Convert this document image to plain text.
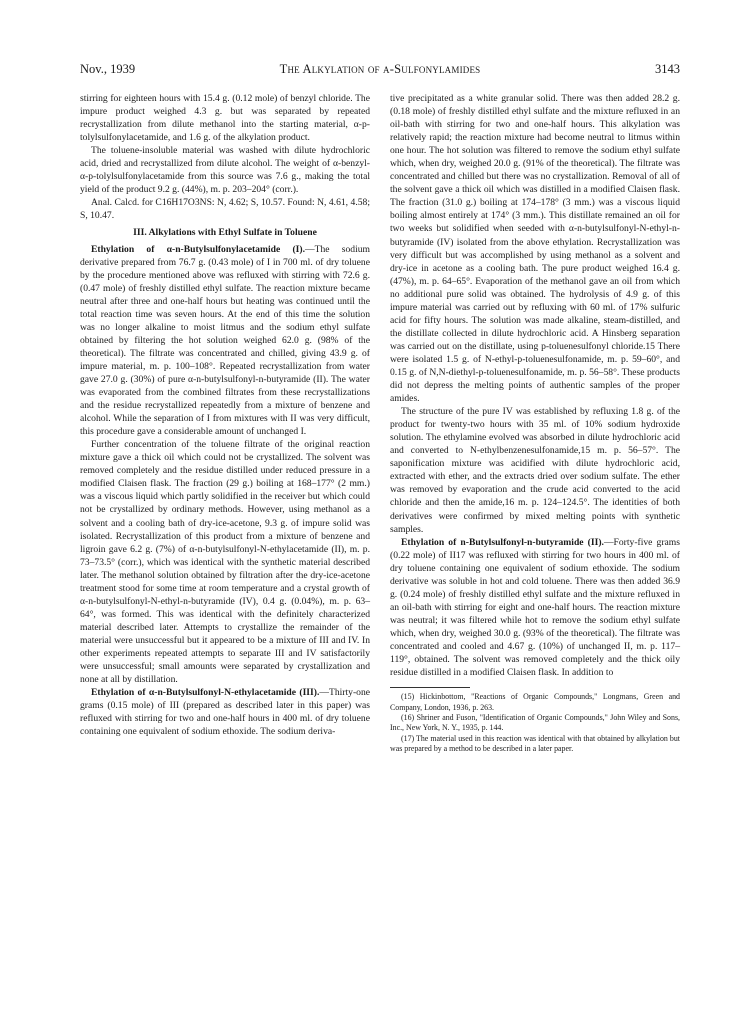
Nov., 1939	The Alkylation of α-Sulfonylamides	3143

stirring for eighteen hours with 15.4 g. (0.12 mole) of benzyl chloride. The impure product weighed 4.3 g. but was separated by repeated recrystallization from dilute methanol into the starting material, α-p-tolylsulfonylacetamide, and 1.6 g. of the alkylation product.

The toluene-insoluble material was washed with dilute hydrochloric acid, dried and recrystallized from dilute alcohol. The weight of α-benzyl-α-p-tolylsulfonylacetamide from this source was 7.6 g., making the total yield of the product 9.2 g. (44%), m. p. 203–204° (corr.).

Anal. Calcd. for C16H17O3NS: N, 4.62; S, 10.57. Found: N, 4.61, 4.58; S, 10.47.

III. Alkylations with Ethyl Sulfate in Toluene

Ethylation of α-n-Butylsulfonylacetamide (I).—The sodium derivative prepared from 76.7 g. (0.43 mole) of I in 700 ml. of dry toluene by the procedure mentioned above was refluxed with stirring with 72.6 g. (0.47 mole) of freshly distilled ethyl sulfate. The reaction mixture became neutral after three and one-half hours but heating was continued until the total reaction time was seven hours. At the end of this time the solution was no longer alkaline to moist litmus and the sodium ethyl sulfate obtained by filtering the hot solution weighed 62.0 g. (98% of the theoretical). The filtrate was concentrated and chilled, giving 43.9 g. of impure material, m. p. 100–108°. Repeated recrystallization from water gave 27.0 g. (30%) of pure α-n-butylsulfonyl-n-butyramide (II). The water was evaporated from the combined filtrates from these recrystallizations and the residue recrystallized repeatedly from a mixture of benzene and alcohol. While the separation of I from mixtures with II was very difficult, this procedure gave a considerable amount of unchanged I.

Further concentration of the toluene filtrate of the original reaction mixture gave a thick oil which could not be crystallized. The solvent was removed completely and the residue distilled under reduced pressure in a modified Claisen flask. The fraction (29 g.) boiling at 168–177° (2 mm.) was a viscous liquid which partly solidified in the receiver but which could not be crystallized by ordinary methods. However, using methanol as a solvent and a cooling bath of dry-ice-acetone, 9.3 g. of impure solid was isolated. Recrystallization of this product from a mixture of benzene and ligroin gave 6.2 g. (7%) of α-n-butylsulfonyl-N-ethylacetamide (II), m. p. 73–73.5° (corr.), which was identical with the synthetic material described later. The methanol solution obtained by filtration after the dry-ice-acetone treatment stood for some time at room temperature and a crystal growth of α-n-butylsulfonyl-N-ethyl-n-butyramide (IV), 0.4 g. (0.04%), m. p. 63–64°, was formed. This was identical with the definitely characterized material described later. Attempts to crystallize the remainder of the material were unsuccessful but it appeared to be a mixture of III and IV. In other experiments repeated attempts to separate III and IV satisfactorily were unsuccessful; small amounts were separated by crystallization and none at all by distillation.

Ethylation of α-n-Butylsulfonyl-N-ethylacetamide (III).—Thirty-one grams (0.15 mole) of III (prepared as described later in this paper) was refluxed with stirring for two and one-half hours in 400 ml. of dry toluene containing one equivalent of sodium ethoxide. The sodium deriva-

tive precipitated as a white granular solid. There was then added 28.2 g. (0.18 mole) of freshly distilled ethyl sulfate and the mixture refluxed in an oil-bath with stirring for two and one-half hours. This alkylation was relatively rapid; the reaction mixture had become neutral to litmus within one hour. The hot solution was filtered to remove the sodium ethyl sulfate which, when dry, weighed 20.0 g. (91% of the theoretical). The filtrate was concentrated and chilled but there was no crystallization. Removal of all of the solvent gave a thick oil which was distilled in a modified Claisen flask. The fraction (31.0 g.) boiling at 174–178° (3 mm.) was a viscous liquid boiling almost entirely at 174° (3 mm.). This distillate remained an oil for two weeks but solidified when seeded with α-n-butylsulfonyl-N-ethyl-n-butyramide (IV) isolated from the above ethylation. Recrystallization was very difficult but was accomplished by using methanol as a solvent and dry-ice in acetone as a cooling bath. The pure product weighed 16.4 g. (47%), m. p. 64–65°. Evaporation of the methanol gave an oil from which no additional pure solid was obtained. The hydrolysis of 4.9 g. of this impure material was carried out by refluxing with 60 ml. of 17% sulfuric acid for fifty hours. The solution was made alkaline, steam-distilled, and the distillate collected in dilute hydrochloric acid. A Hinsberg separation was carried out on the distillate, using p-toluenesulfonyl chloride.15 There were isolated 1.5 g. of N-ethyl-p-toluenesulfonamide, m. p. 59–60°, and 0.15 g. of N,N-diethyl-p-toluenesulfonamide, m. p. 56–58°. These products did not depress the melting points of authentic samples of the proper amides.

The structure of the pure IV was established by refluxing 1.8 g. of the product for twenty-two hours with 35 ml. of 10% sodium hydroxide solution. The ethylamine evolved was absorbed in dilute hydrochloric acid and converted to N-ethylbenzenesulfonamide,15 m. p. 56–57°. The saponification mixture was acidified with dilute hydrochloric acid, extracted with ether, and the extracts dried over sodium sulfate. The ether was removed by evaporation and the crude acid converted to the acid chloride and then the amide,16 m. p. 124–124.5°. The identities of both derivatives were confirmed by mixed melting points with synthetic samples.

Ethylation of n-Butylsulfonyl-n-butyramide (II).—Forty-five grams (0.22 mole) of II17 was refluxed with stirring for two hours in 400 ml. of dry toluene containing one equivalent of sodium ethoxide. The sodium derivative was soluble in hot and cold toluene. There was then added 36.9 g. (0.24 mole) of freshly distilled ethyl sulfate and the mixture refluxed in an oil-bath with stirring for eight and one-half hours. The reaction mixture was neutral; it was filtered while hot to remove the sodium ethyl sulfate which, when dry, weighed 30.0 g. (93% of the theoretical). The filtrate was concentrated and cooled and 4.67 g. (10%) of unchanged II, m. p. 117–119°, obtained. The solvent was removed completely and the thick oily residue distilled in a modified Claisen flask. In addition to

(15) Hickinbottom, "Reactions of Organic Compounds," Longmans, Green and Company, London, 1936, p. 263.

(16) Shriner and Fuson, "Identification of Organic Compounds," John Wiley and Sons, Inc., New York, N. Y., 1935, p. 144.

(17) The material used in this reaction was identical with that obtained by alkylation but was prepared by a method to be described in a later paper.
